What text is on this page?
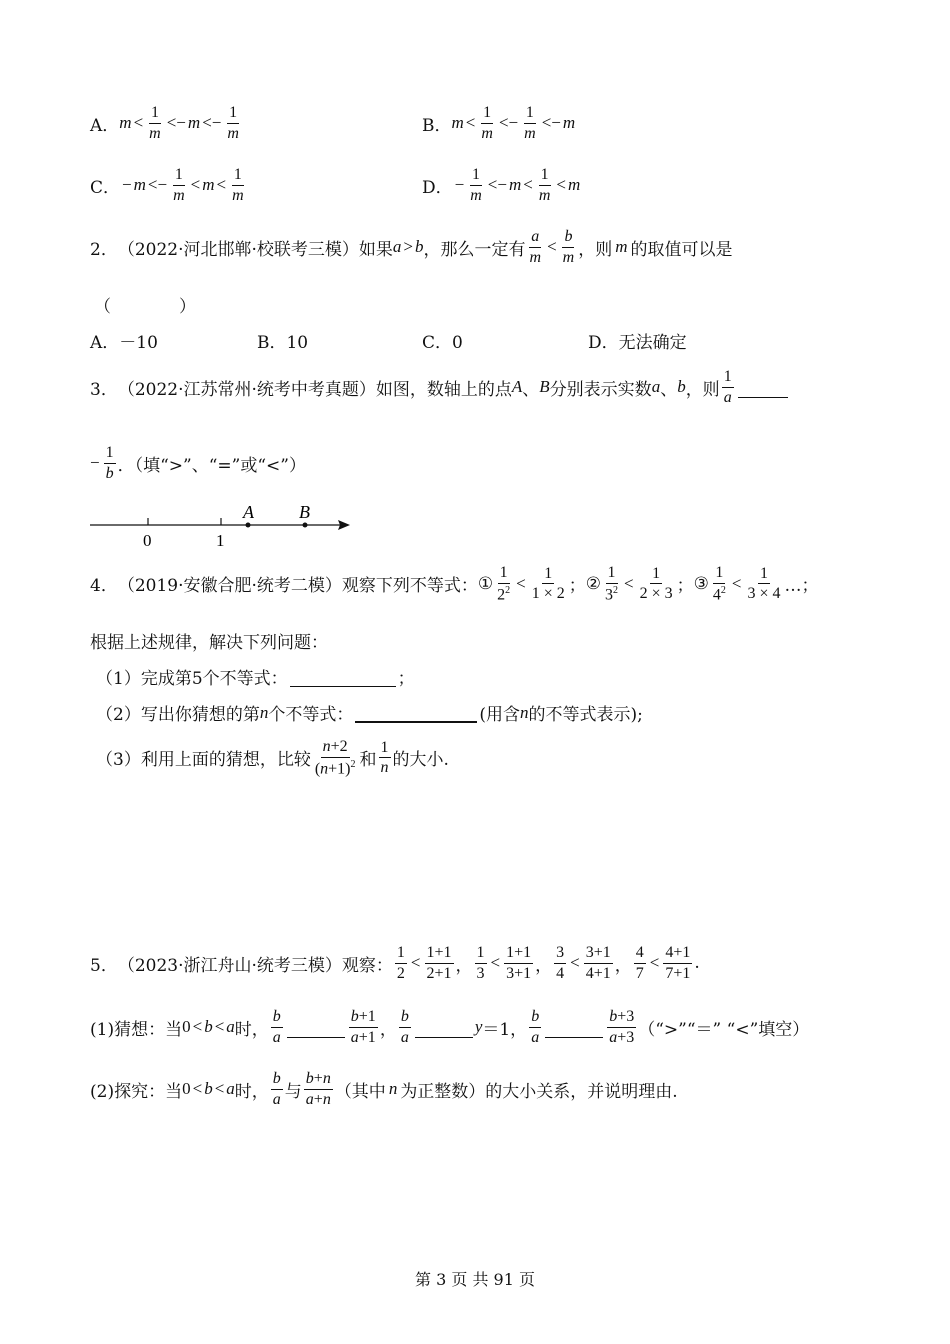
A． $m < \frac{1}{m} <- m <- \frac{1}{m}$	B． $m < \frac{1}{m} <- \frac{1}{m} <- m$
C． − $m <- \frac{1}{m} < m < \frac{1}{m}$	D． − $\frac{1}{m} <- m < \frac{1}{m} < m$
2． （2022·河北邯郸·校联考三模） 如果 a > b ，那么一定有 $\frac{a}{m} < \frac{b}{m}$ ，则 m 的取值可以是
（　　　　）
A．－10	B．10	C．0	D．无法确定
3． （2022·江苏常州·统考中考真题） 如图，数轴上的点 A 、 B 分别表示实数 a 、 b ，则 $\frac{1}{a}$
− $\frac{1}{b}$ ．（填“>”、“=”或“<”）
0	1
A	B
4． （2019·安徽合肥·统考二模） 观察下列不等式： ① $\frac{1}{2^2} < \frac{1}{1 \times 2}$ ； ② $\frac{1}{3^2} < \frac{1}{2 \times 3}$ ； ③ $\frac{1}{4^2} < \frac{1}{3 \times 4}$ …；
根据上述规律，解决下列问题：
（1）完成第5个不等式：	；
（2）写出你猜想的第 n 个不等式：	(用含 n 的不等式表示);
（3）利用上面的猜想，比较 $\frac{n+2}{(n+1)^2}$ 和 $\frac{1}{n}$ 的大小.
5． （2023·浙江舟山·统考三模） 观察： $\frac{1}{2} < \frac{1+1}{2+1}$ ， $\frac{1}{3} < \frac{1+1}{3+1}$ ， $\frac{3}{4} < \frac{3+1}{4+1}$ ， $\frac{4}{7} < \frac{4+1}{7+1}$ .
(1)猜想：当 0 < b < a 时， $\frac{b}{a}$	$\frac{b+1}{a+1}$ ， $\frac{b}{a}$	y ＝1， $\frac{b}{a}$	$\frac{b+3}{a+3}$ （“>”“＝” “<”填空）
(2)探究：当 0 < b < a 时， $\frac{b}{a}$ 与 $\frac{b+n}{a+n}$ （其中 n 为正整数）的大小关系，并说明理由.
第 3 页 共 91 页
